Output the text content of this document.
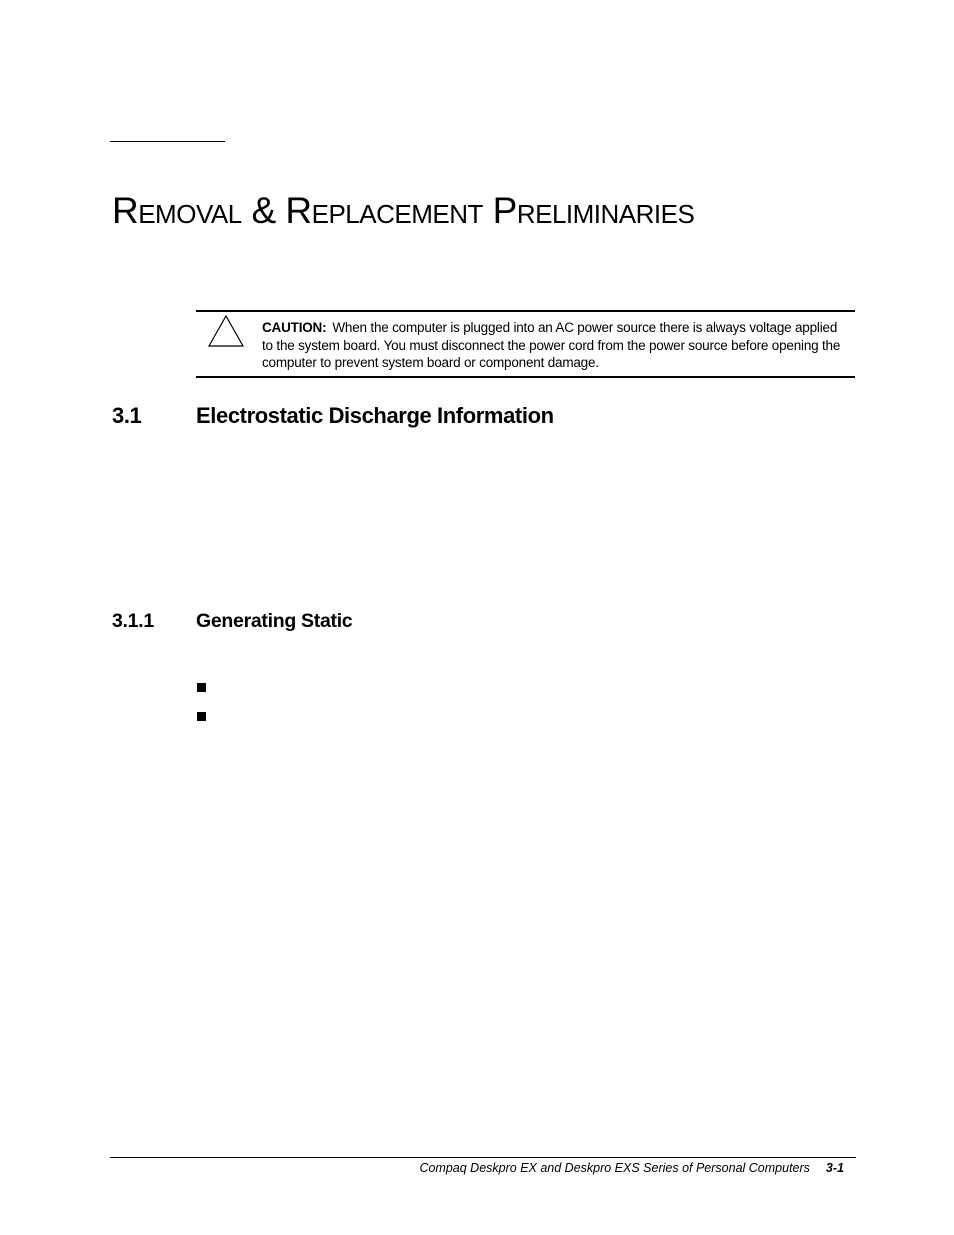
Removal & Replacement Preliminaries

CAUTION: When the computer is plugged into an AC power source there is always voltage applied to the system board. You must disconnect the power cord from the power source before opening the computer to prevent system board or component damage.

3.1 Electrostatic Discharge Information
3.1.1 Generating Static

Compaq Deskpro EX and Deskpro EXS Series of Personal Computers 3-1
